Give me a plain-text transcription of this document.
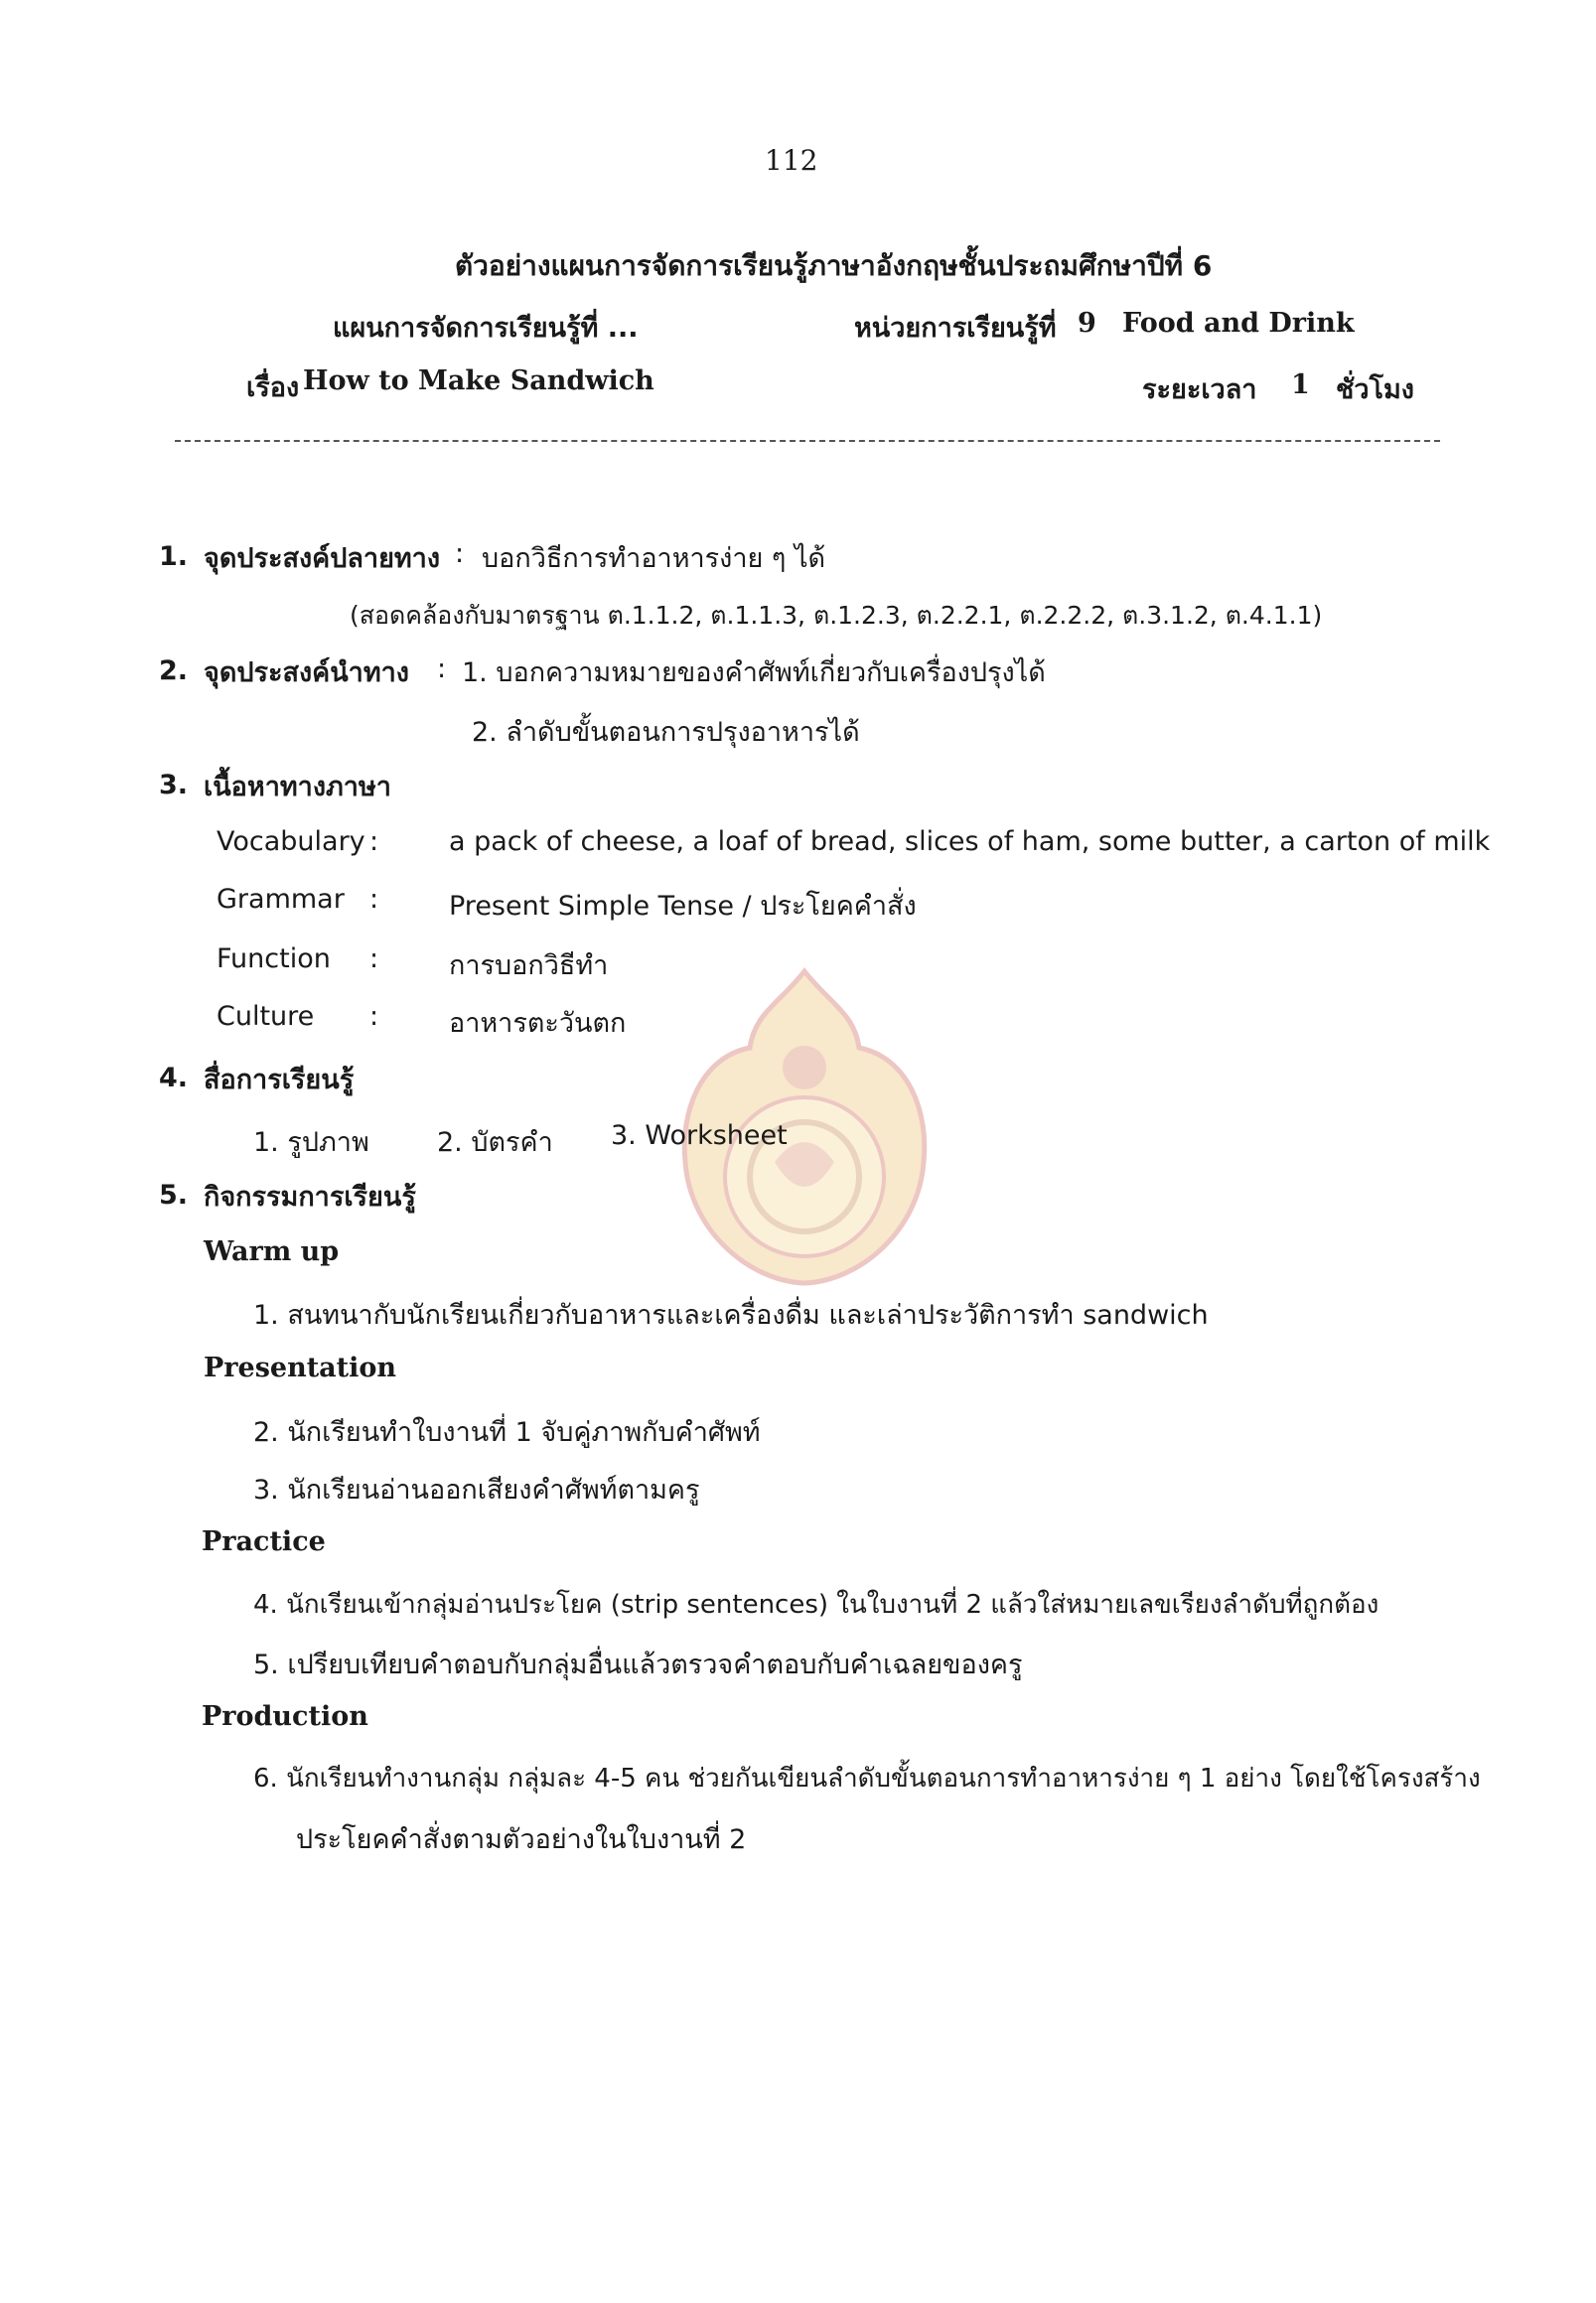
112
ตัวอย่างแผนการจัดการเรียนรู้ภาษาอังกฤษชั้นประถมศึกษาปีที่ 6
แผนการจัดการเรียนรู้ที่ ...	หน่วยการเรียนรู้ที่ 9 Food and Drink
เรื่อง How to Make Sandwich	ระยะเวลา 1 ชั่วโมง
1. จุดประสงค์ปลายทาง : บอกวิธีการทำอาหารง่าย ๆ ได้
(สอดคล้องกับมาตรฐาน ต.1.1.2, ต.1.1.3, ต.1.2.3, ต.2.2.1, ต.2.2.2, ต.3.1.2, ต.4.1.1)
2. จุดประสงค์นำทาง : 1. บอกความหมายของคำศัพท์เกี่ยวกับเครื่องปรุงได้
2. ลำดับขั้นตอนการปรุงอาหารได้
3. เนื้อหาทางภาษา
Vocabulary :	a pack of cheese, a loaf of bread, slices of ham, some butter, a carton of milk
Grammar :	Present Simple Tense / ประโยคคำสั่ง
Function :	การบอกวิธีทำ
Culture :	อาหารตะวันตก
4. สื่อการเรียนรู้
1. รูปภาพ	2. บัตรคำ 3. Worksheet
5. กิจกรรมการเรียนรู้
Warm up
1. สนทนากับนักเรียนเกี่ยวกับอาหารและเครื่องดื่ม และเล่าประวัติการทำ sandwich
Presentation
2. นักเรียนทำใบงานที่ 1 จับคู่ภาพกับคำศัพท์
3. นักเรียนอ่านออกเสียงคำศัพท์ตามครู
Practice
4. นักเรียนเข้ากลุ่มอ่านประโยค (strip sentences) ในใบงานที่ 2 แล้วใส่หมายเลขเรียงลำดับที่ถูกต้อง
5. เปรียบเทียบคำตอบกับกลุ่มอื่นแล้วตรวจคำตอบกับคำเฉลยของครู
Production
6. นักเรียนทำงานกลุ่ม กลุ่มละ 4-5 คน ช่วยกันเขียนลำดับขั้นตอนการทำอาหารง่าย ๆ 1 อย่าง โดยใช้โครงสร้าง
ประโยคคำสั่งตามตัวอย่างในใบงานที่ 2
